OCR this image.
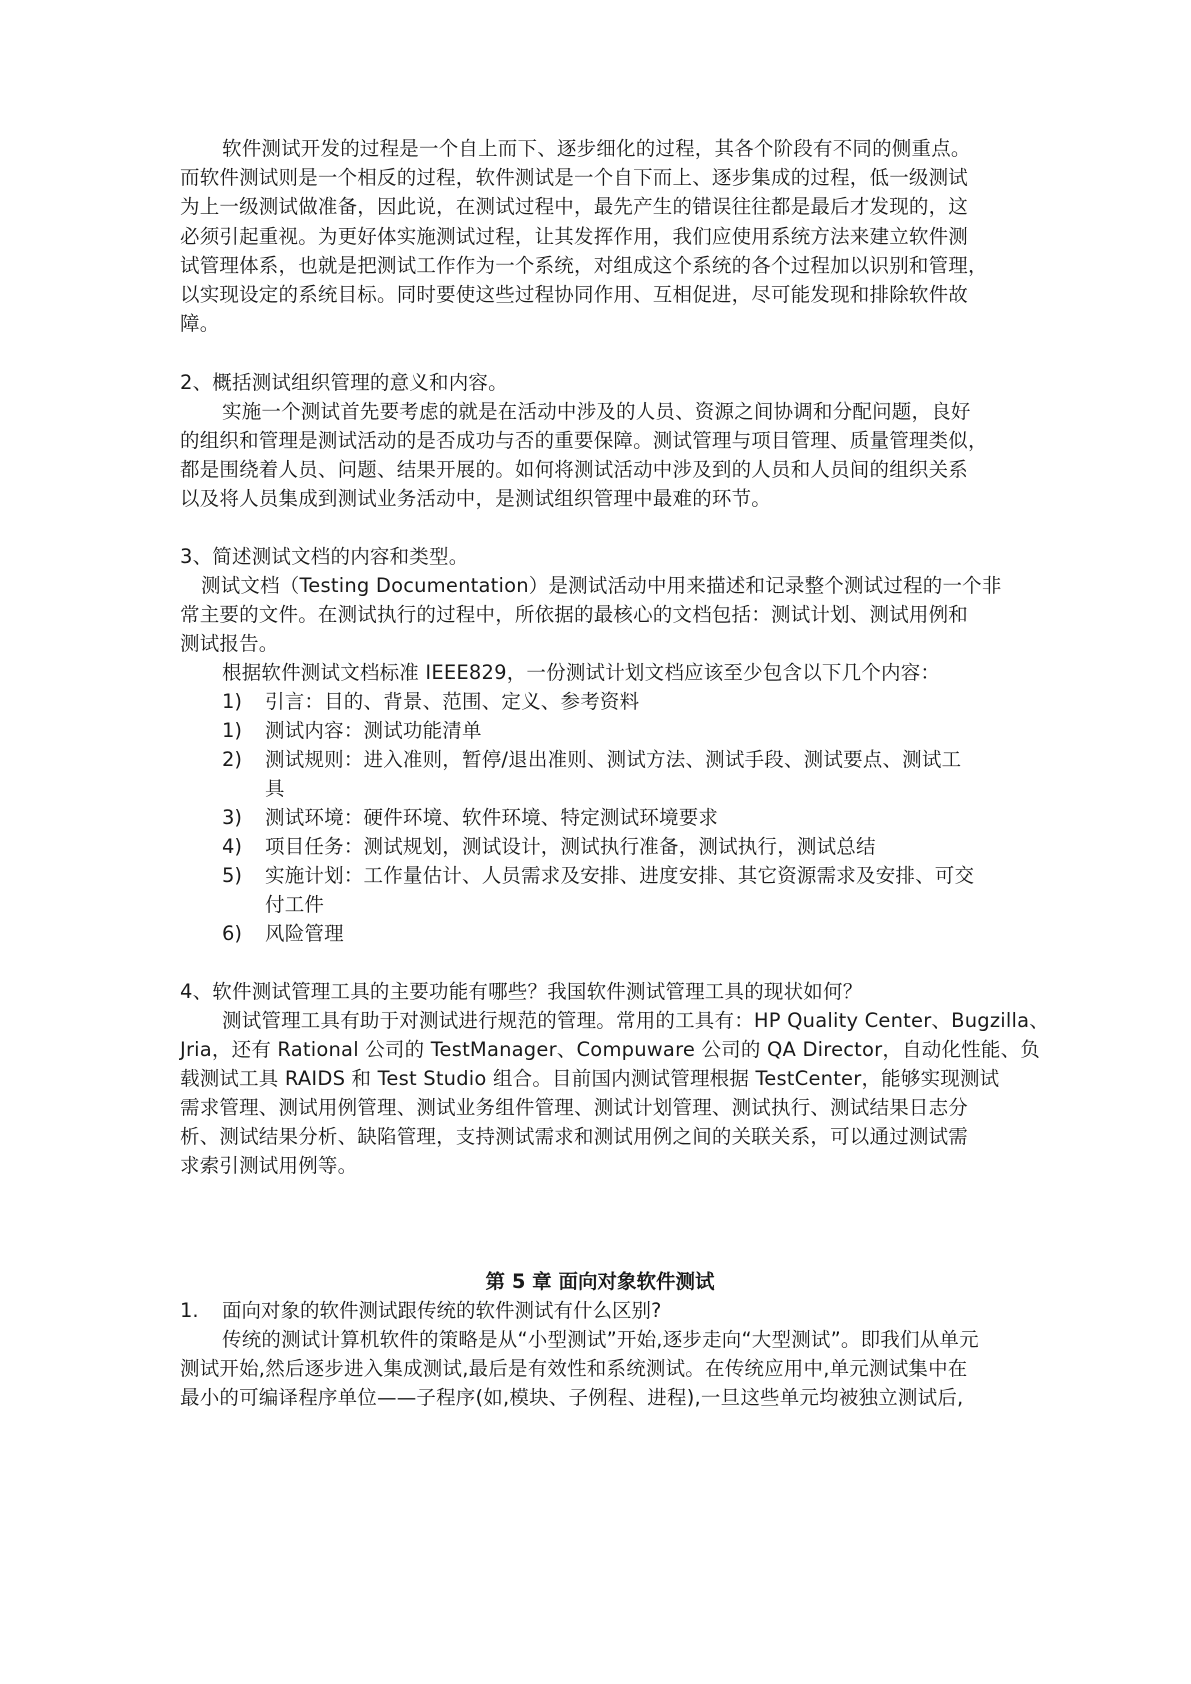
软件测试开发的过程是一个自上而下、逐步细化的过程，其各个阶段有不同的侧重点。
而软件测试则是一个相反的过程，软件测试是一个自下而上、逐步集成的过程，低一级测试
为上一级测试做准备，因此说，在测试过程中，最先产生的错误往往都是最后才发现的，这
必须引起重视。为更好体实施测试过程，让其发挥作用，我们应使用系统方法来建立软件测
试管理体系，也就是把测试工作作为一个系统，对组成这个系统的各个过程加以识别和管理，
以实现设定的系统目标。同时要使这些过程协同作用、互相促进，尽可能发现和排除软件故
障。
2、概括测试组织管理的意义和内容。
实施一个测试首先要考虑的就是在活动中涉及的人员、资源之间协调和分配问题，良好
的组织和管理是测试活动的是否成功与否的重要保障。测试管理与项目管理、质量管理类似，
都是围绕着人员、问题、结果开展的。如何将测试活动中涉及到的人员和人员间的组织关系
以及将人员集成到测试业务活动中，是测试组织管理中最难的环节。
3、简述测试文档的内容和类型。
测试文档（Testing Documentation）是测试活动中用来描述和记录整个测试过程的一个非
常主要的文件。在测试执行的过程中，所依据的最核心的文档包括：测试计划、测试用例和
测试报告。
根据软件测试文档标准 IEEE829，一份测试计划文档应该至少包含以下几个内容：
1) 引言：目的、背景、范围、定义、参考资料
1) 测试内容：测试功能清单
2) 测试规则：进入准则，暂停/退出准则、测试方法、测试手段、测试要点、测试工
具
3) 测试环境：硬件环境、软件环境、特定测试环境要求
4) 项目任务：测试规划，测试设计，测试执行准备，测试执行，测试总结
5) 实施计划：工作量估计、人员需求及安排、进度安排、其它资源需求及安排、可交
付工件
6) 风险管理
4、软件测试管理工具的主要功能有哪些？我国软件测试管理工具的现状如何？
测试管理工具有助于对测试进行规范的管理。常用的工具有：HP Quality Center、Bugzilla、
Jria，还有 Rational 公司的 TestManager、Compuware 公司的 QA Director，自动化性能、负
载测试工具 RAIDS 和 Test Studio 组合。目前国内测试管理根据 TestCenter，能够实现测试
需求管理、测试用例管理、测试业务组件管理、测试计划管理、测试执行、测试结果日志分
析、测试结果分析、缺陷管理，支持测试需求和测试用例之间的关联关系，可以通过测试需
求索引测试用例等。
第 5 章 面向对象软件测试
1. 面向对象的软件测试跟传统的软件测试有什么区别?
传统的测试计算机软件的策略是从“小型测试”开始,逐步走向“大型测试”。即我们从单元
测试开始,然后逐步进入集成测试,最后是有效性和系统测试。在传统应用中,单元测试集中在
最小的可编译程序单位——子程序(如,模块、子例程、进程),一旦这些单元均被独立测试后,
